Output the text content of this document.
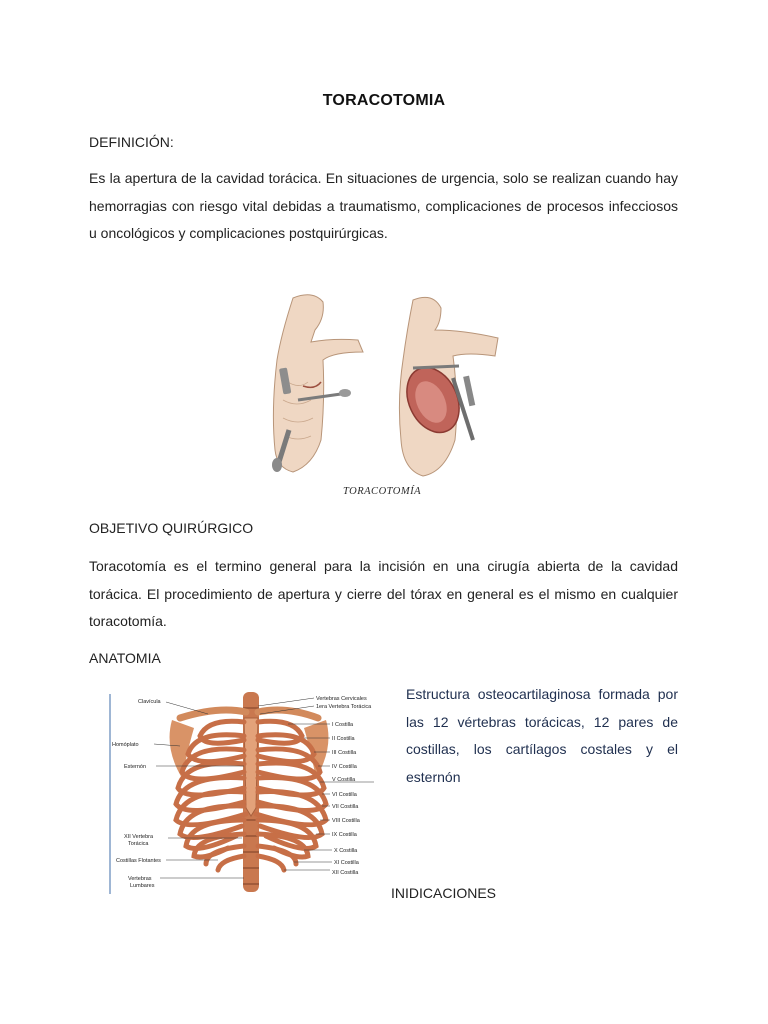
TORACOTOMIA
DEFINICIÓN:
Es la apertura de la cavidad torácica. En situaciones de urgencia, solo se realizan cuando hay hemorragias con riesgo vital debidas a traumatismo, complicaciones de procesos infecciosos u oncológicos y complicaciones postquirúrgicas.
TORACOTOMÍA
OBJETIVO QUIRÚRGICO
Toracotomía es el termino general para la incisión en una cirugía abierta de la cavidad torácica. El procedimiento de apertura y cierre del tórax en general es el mismo en cualquier toracotomía.
ANATOMIA
Clavícula
Homóplato
Esternón
XII Vertebra
Torácica
Costillas Flotantes
Vertebras
Lumbares
Vertebras Cervicales
1era Vertebra Torácica
I Costilla
II Costilla
III Costilla
IV Costilla
V Costilla
VI Costilla
VII Costilla
VIII Costilla
IX Costilla
X Costilla
XI Costilla
XII Costilla
Estructura osteocartilaginosa formada por las 12 vértebras torácicas, 12 pares de costillas, los cartílagos costales y el esternón
INIDICACIONES
